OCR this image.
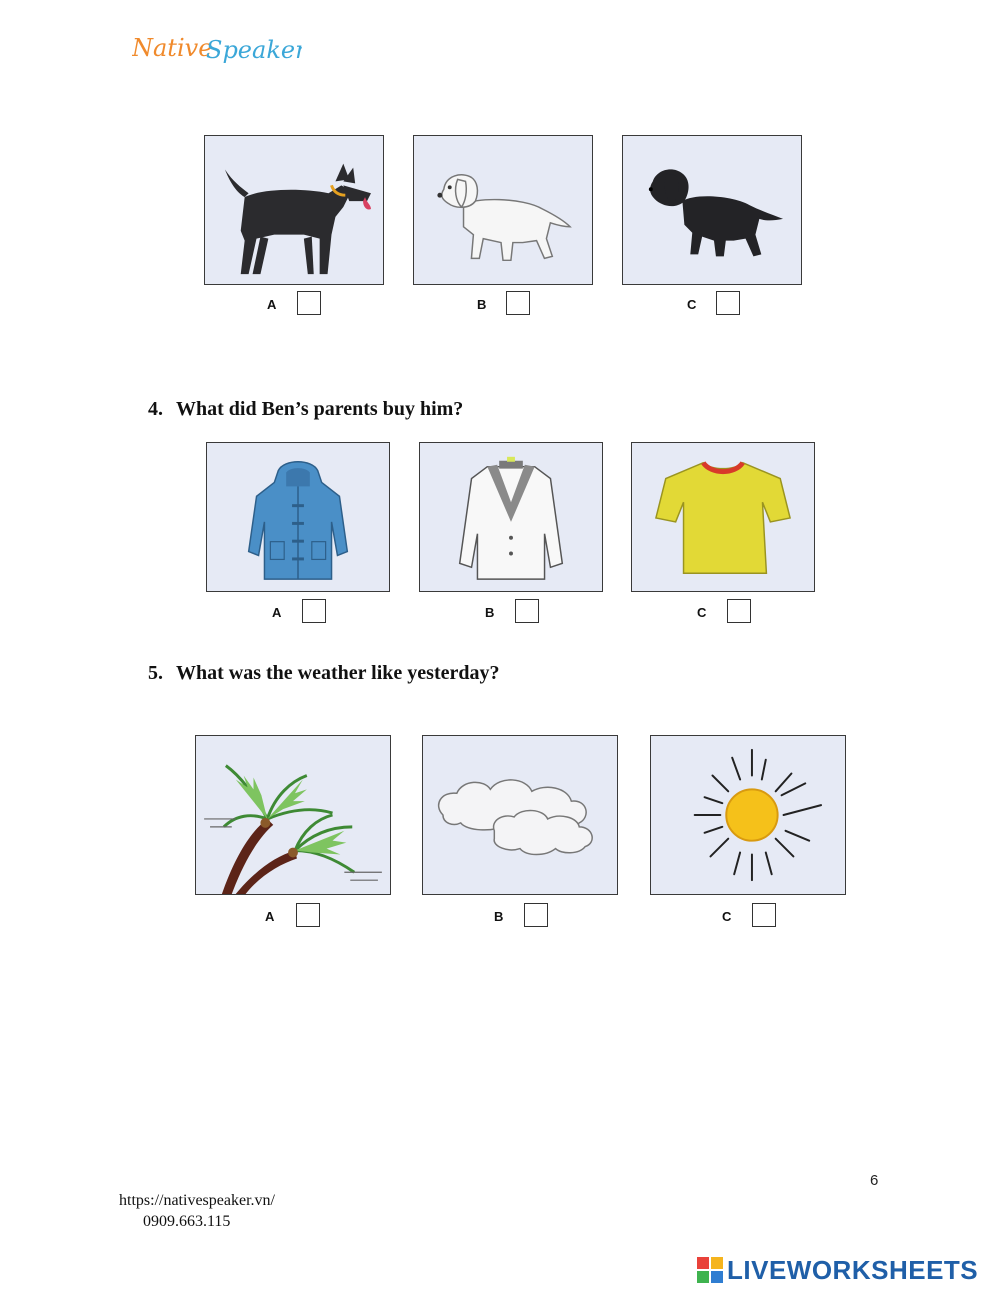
Native
Speaker
A	B	C
4. What did Ben’s parents buy him?
A	B	C
5. What was the weather like yesterday?
A	B	C
6
https://nativespeaker.vn/
0909.663.115
LIVEWORKSHEETS
